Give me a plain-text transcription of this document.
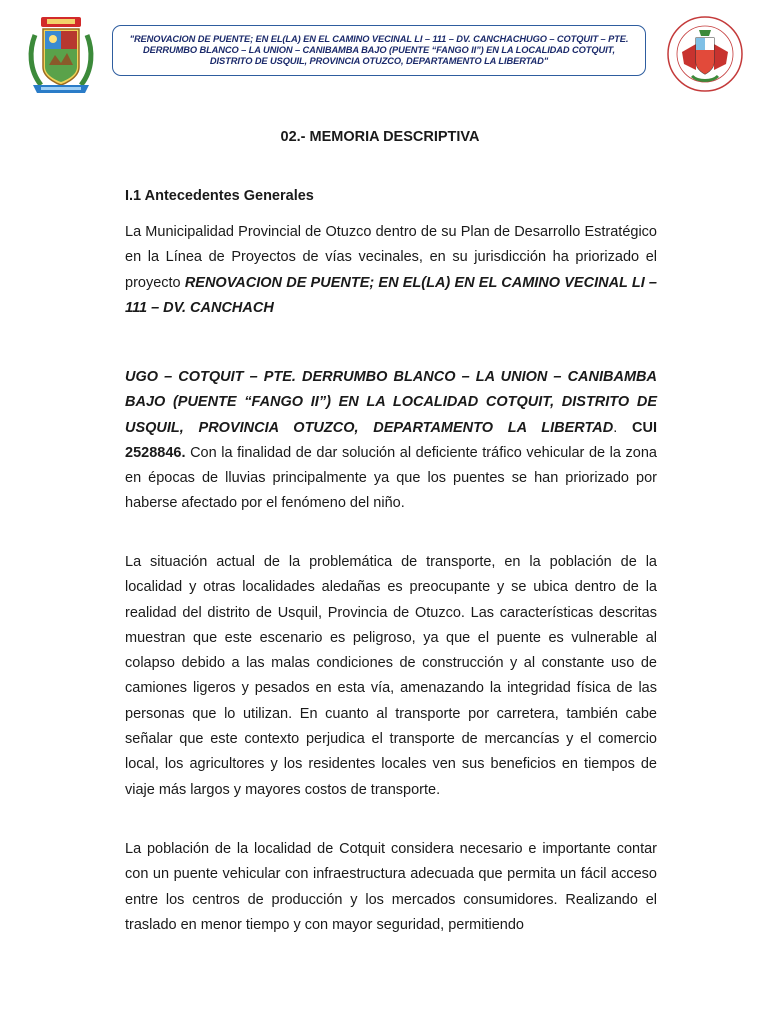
"RENOVACION DE PUENTE; EN EL(LA) EN EL CAMINO VECINAL LI – 111 – DV. CANCHACHUGO – COTQUIT – PTE. DERRUMBO BLANCO – LA UNION – CANIBAMBA BAJO (PUENTE “FANGO II”) EN LA LOCALIDAD COTQUIT, DISTRITO DE USQUIL, PROVINCIA OTUZCO, DEPARTAMENTO LA LIBERTAD"
02.- MEMORIA DESCRIPTIVA
I.1 Antecedentes Generales

La Municipalidad Provincial de Otuzco dentro de su Plan de Desarrollo Estratégico en la Línea de Proyectos de vías vecinales, en su jurisdicción ha priorizado el proyecto RENOVACION DE PUENTE; EN EL(LA) EN EL CAMINO VECINAL LI – 111 – DV. CANCHACH

UGO – COTQUIT – PTE. DERRUMBO BLANCO – LA UNION – CANIBAMBA BAJO (PUENTE “FANGO II”) EN LA LOCALIDAD COTQUIT, DISTRITO DE USQUIL, PROVINCIA OTUZCO, DEPARTAMENTO LA LIBERTAD. CUI 2528846. Con la finalidad de dar solución al deficiente tráfico vehicular de la zona en épocas de lluvias principalmente ya que los puentes se han priorizado por haberse afectado por el fenómeno del niño.

La situación actual de la problemática de transporte, en la población de la localidad y otras localidades aledañas es preocupante y se ubica dentro de la realidad del distrito de Usquil, Provincia de Otuzco. Las características descritas muestran que este escenario es peligroso, ya que el puente es vulnerable al colapso debido a las malas condiciones de construcción y al constante uso de camiones ligeros y pesados en esta vía, amenazando la integridad física de las personas que lo utilizan. En cuanto al transporte por carretera, también cabe señalar que este contexto perjudica el transporte de mercancías y el comercio local, los agricultores y los residentes locales ven sus beneficios en tiempos de viaje más largos y mayores costos de transporte.

La población de la localidad de Cotquit considera necesario e importante contar con un puente vehicular con infraestructura adecuada que permita un fácil acceso entre los centros de producción y los mercados consumidores. Realizando el traslado en menor tiempo y con mayor seguridad, permitiendo
